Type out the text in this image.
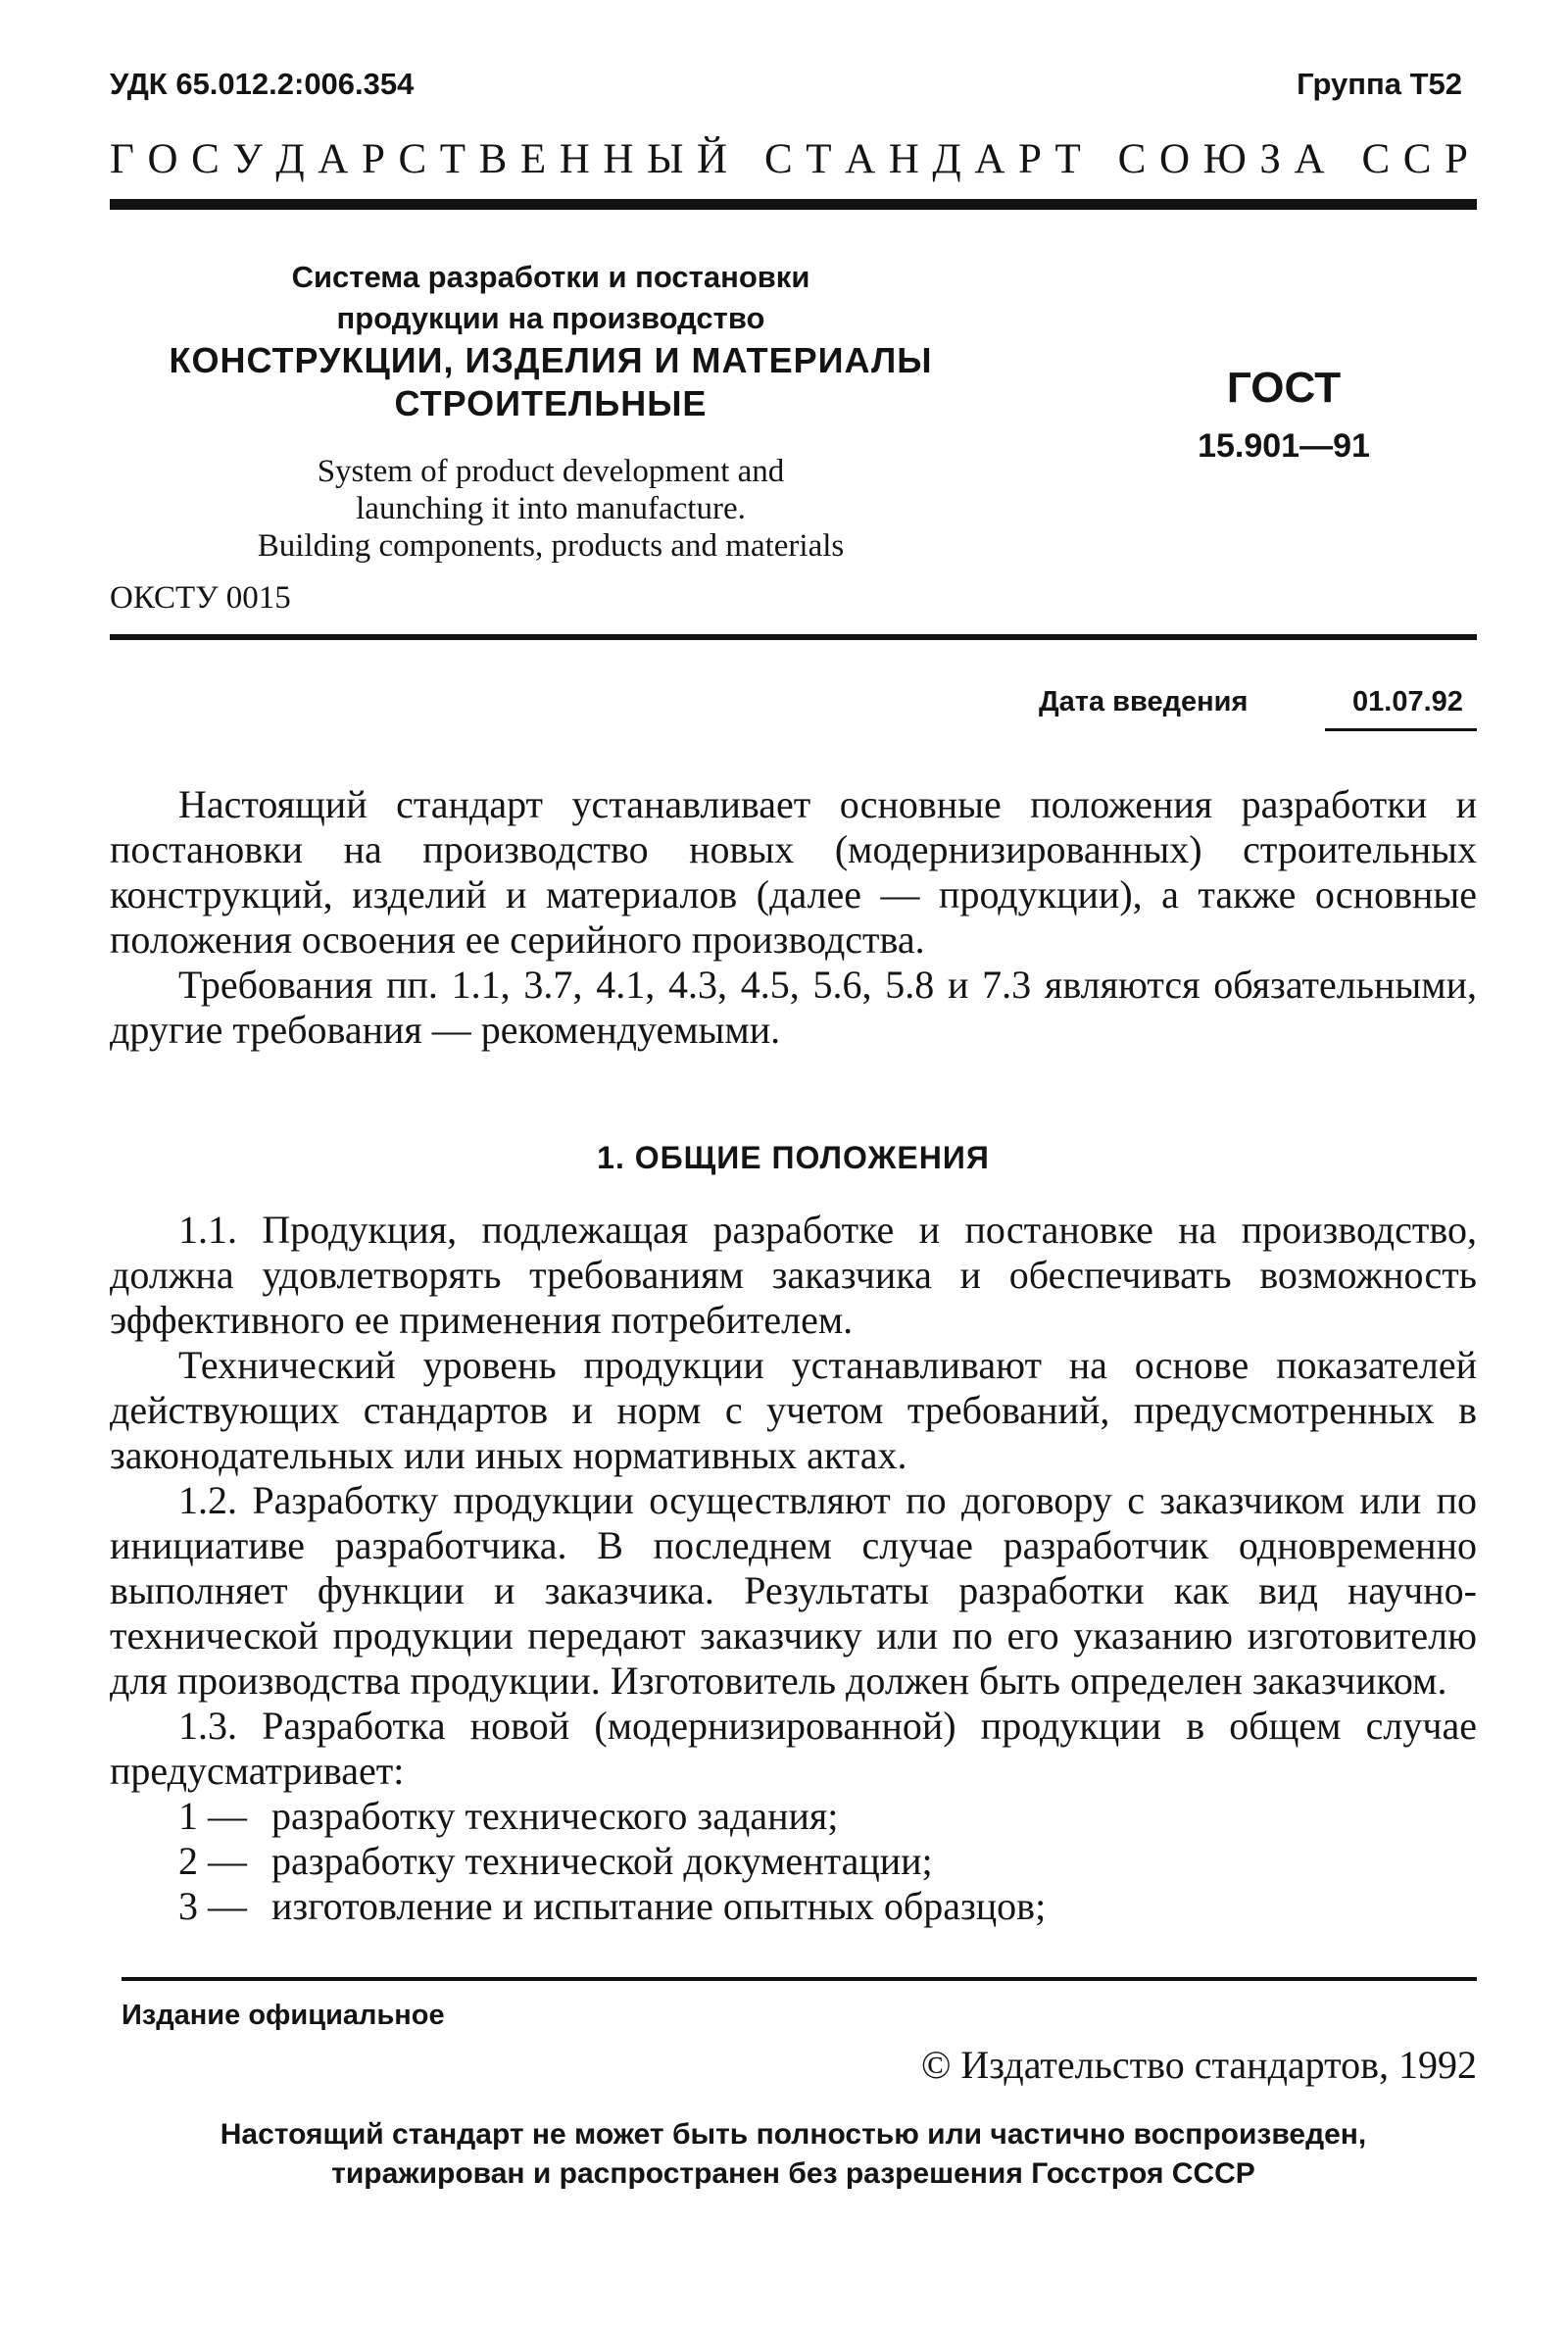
УДК 65.012.2:006.354	Группа Т52
Г О С У Д А Р С Т В Е Н Н Ы Й
С Т А Н Д А Р Т
С О Ю З А
С С Р
Система разработки и постановки
продукции на производство
КОНСТРУКЦИИ, ИЗДЕЛИЯ И МАТЕРИАЛЫ
СТРОИТЕЛЬНЫЕ
System of product development and
launching it into manufacture.
Building components, products and materials
ГОСТ
15.901—91
ОКСТУ 0015
Дата введения	01.07.92

Настоящий стандарт устанавливает основные положения разработки и постановки на производство новых (модернизированных) строительных конструкций, изделий и материалов (далее — продукции), а также основные положения освоения ее серийного производства.

Требования пп. 1.1, 3.7, 4.1, 4.3, 4.5, 5.6, 5.8 и 7.3 являются обязательными, другие требования — рекомендуемыми.

1. ОБЩИЕ ПОЛОЖЕНИЯ

1.1. Продукция, подлежащая разработке и постановке на производство, должна удовлетворять требованиям заказчика и обеспечивать возможность эффективного ее применения потребителем.

Технический уровень продукции устанавливают на основе показателей действующих стандартов и норм с учетом требований, предусмотренных в законодательных или иных нормативных актах.

1.2. Разработку продукции осуществляют по договору с заказчиком или по инициативе разработчика. В последнем случае разработчик одновременно выполняет функции и заказчика. Результаты разработки как вид научно-технической продукции передают заказчику или по его указанию изготовителю для производства продукции. Изготовитель должен быть определен заказчиком.

1.3. Разработка новой (модернизированной) продукции в общем случае предусматривает:

1 — разработку технического задания;
2 — разработку технической документации;
3 — изготовление и испытание опытных образцов;
Издание официальное
© Издательство стандартов, 1992
Настоящий стандарт не может быть полностью или частично воспроизведен,
тиражирован и распространен без разрешения Госстроя СССР
